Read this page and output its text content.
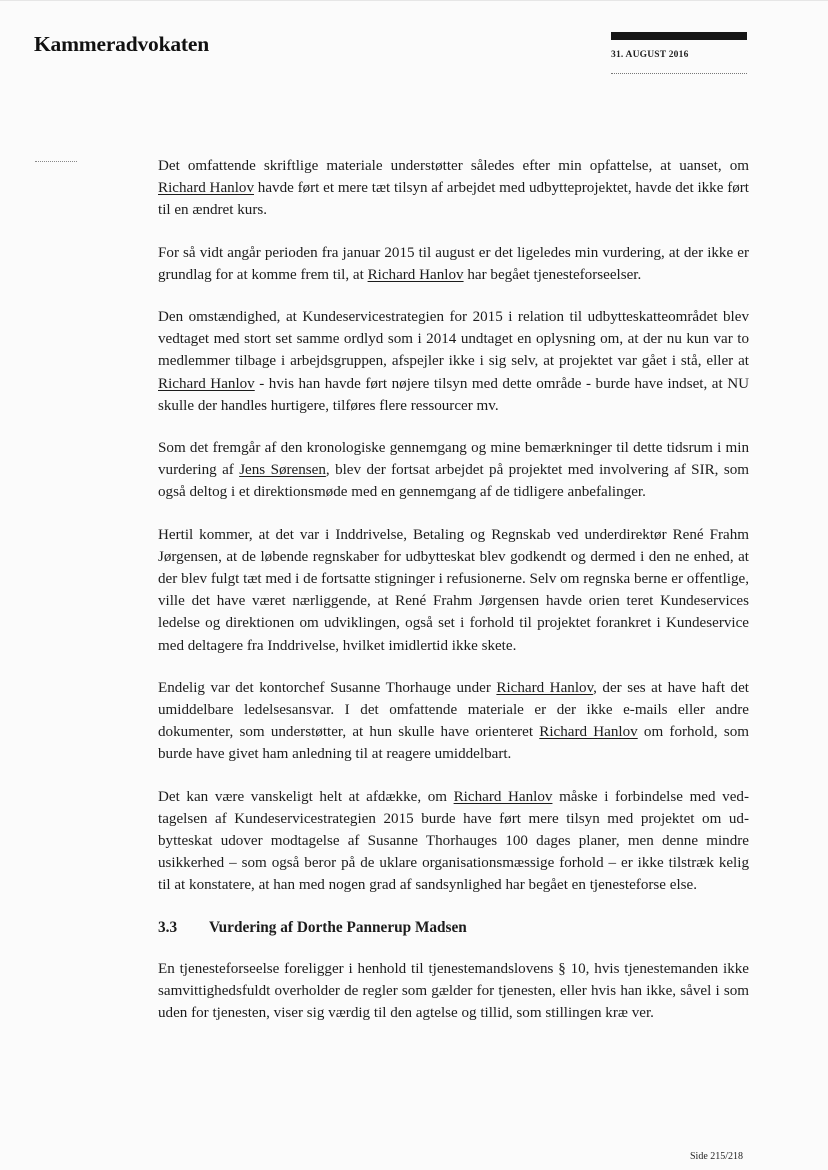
Kammeradvokaten	31. AUGUST 2016

Det omfattende skriftlige materiale understøtter således efter min opfattelse, at uanset, om Richard Hanlov havde ført et mere tæt tilsyn af arbejdet med udbytteprojektet, havde det ikke ført til en ændret kurs.

For så vidt angår perioden fra januar 2015 til august er det ligeledes min vurdering, at der ikke er grundlag for at komme frem til, at Richard Hanlov har begået tjenesteforseelser.

Den omstændighed, at Kundeservicestrategien for 2015 i relation til udbytteskatteområdet blev vedtaget med stort set samme ordlyd som i 2014 undtaget en oplysning om, at der nu kun var to medlemmer tilbage i arbejdsgruppen, afspejler ikke i sig selv, at projektet var gået i stå, eller at Richard Hanlov - hvis han havde ført nøjere tilsyn med dette område - burde have indset, at NU skulle der handles hurtigere, tilføres flere ressourcer mv.

Som det fremgår af den kronologiske gennemgang og mine bemærkninger til dette tidsrum i min vurdering af Jens Sørensen, blev der fortsat arbejdet på projektet med involvering af SIR, som også deltog i et direktionsmøde med en gennemgang af de tidligere anbefalinger.

Hertil kommer, at det var i Inddrivelse, Betaling og Regnskab ved underdirektør René Frahm Jørgensen, at de løbende regnskaber for udbytteskat blev godkendt og dermed i den ne enhed, at der blev fulgt tæt med i de fortsatte stigninger i refusionerne. Selv om regnska berne er offentlige, ville det have været nærliggende, at René Frahm Jørgensen havde orien teret Kundeservices ledelse og direktionen om udviklingen, også set i forhold til projektet forankret i Kundeservice med deltagere fra Inddrivelse, hvilket imidlertid ikke skete.

Endelig var det kontorchef Susanne Thorhauge under Richard Hanlov, der ses at have haft det umiddelbare ledelsesansvar. I det omfattende materiale er der ikke e-mails eller andre dokumenter, som understøtter, at hun skulle have orienteret Richard Hanlov om forhold, som burde have givet ham anledning til at reagere umiddelbart.

Det kan være vanskeligt helt at afdække, om Richard Hanlov måske i forbindelse med ved tagelsen af Kundeservicestrategien 2015 burde have ført mere tilsyn med projektet om ud bytteskat udover modtagelse af Susanne Thorhauges 100 dages planer, men denne mindre usikkerhed – som også beror på de uklare organisationsmæssige forhold – er ikke tilstræk kelig til at konstatere, at han med nogen grad af sandsynlighed har begået en tjenesteforse else.

3.3	Vurdering af Dorthe Pannerup Madsen

En tjenesteforseelse foreligger i henhold til tjenestemandslovens § 10, hvis tjenestemanden ikke samvittighedsfuldt overholder de regler som gælder for tjenesten, eller hvis han ikke, såvel i som uden for tjenesten, viser sig værdig til den agtelse og tillid, som stillingen kræ ver.

Side 215/218
